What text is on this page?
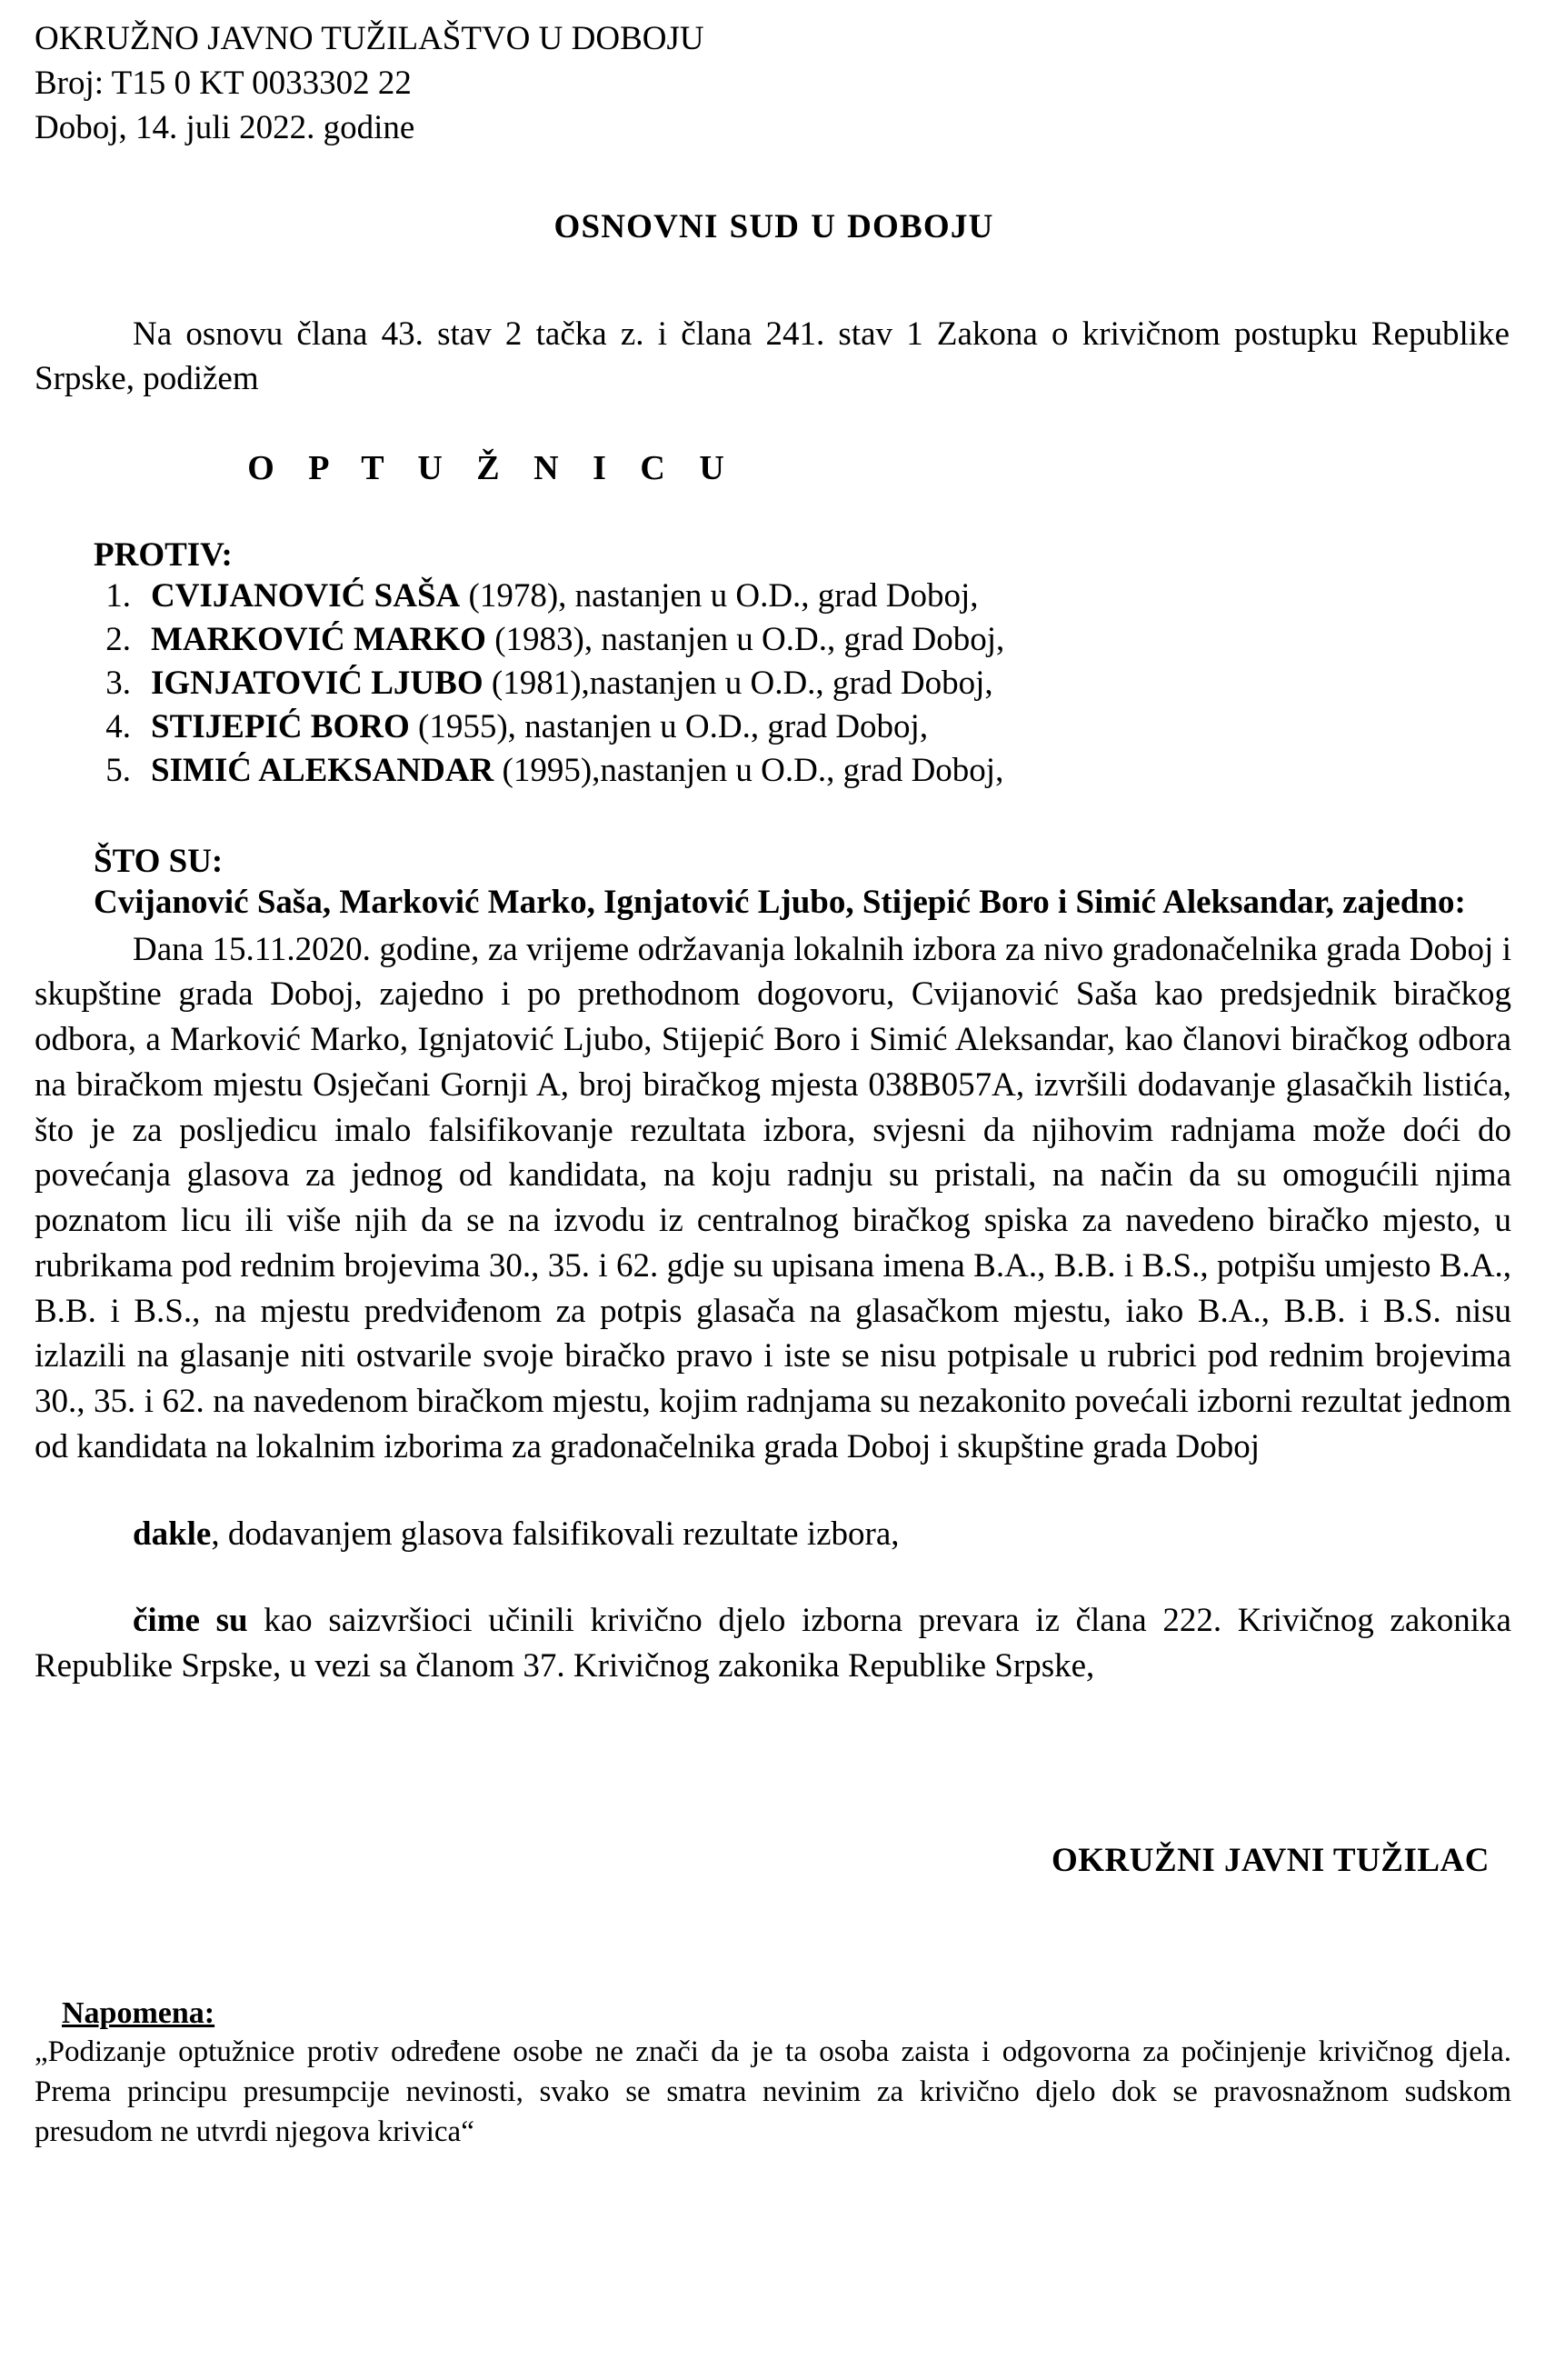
OKRUŽNO JAVNO TUŽILAŠTVO U DOBOJU
Broj: T15 0 KT 0033302 22
Doboj, 14. juli 2022. godine
OSNOVNI SUD U DOBOJU
Na osnovu člana 43. stav 2 tačka z. i člana 241. stav 1 Zakona o krivičnom postupku Republike Srpske, podižem
O P T U Ž N I C U
PROTIV:
1. CVIJANOVIĆ SAŠA (1978), nastanjen u O.D., grad Doboj,
2. MARKOVIĆ MARKO (1983), nastanjen u O.D., grad Doboj,
3. IGNJATOVIĆ LJUBO (1981),nastanjen u O.D., grad Doboj,
4. STIJEPIĆ BORO (1955), nastanjen u O.D., grad Doboj,
5. SIMIĆ ALEKSANDAR (1995),nastanjen u O.D., grad Doboj,
ŠTO SU:
Cvijanović Saša, Marković Marko, Ignjatović Ljubo, Stijepić Boro i Simić Aleksandar, zajedno:
Dana 15.11.2020. godine, za vrijeme održavanja lokalnih izbora za nivo gradonačelnika grada Doboj i skupštine grada Doboj, zajedno i po prethodnom dogovoru, Cvijanović Saša kao predsjednik biračkog odbora, a Marković Marko, Ignjatović Ljubo, Stijepić Boro i Simić Aleksandar, kao članovi biračkog odbora na biračkom mjestu Osječani Gornji A, broj biračkog mjesta 038B057A, izvršili dodavanje glasačkih listića, što je za posljedicu imalo falsifikovanje rezultata izbora, svjesni da njihovim radnjama može doći do povećanja glasova za jednog od kandidata, na koju radnju su pristali, na način da su omogućili njima poznatom licu ili više njih da se na izvodu iz centralnog biračkog spiska za navedeno biračko mjesto, u rubrikama pod rednim brojevima 30., 35. i 62. gdje su upisana imena B.A., B.B. i B.S., potpišu umjesto B.A., B.B. i B.S., na mjestu predviđenom za potpis glasača na glasačkom mjestu, iako B.A., B.B. i B.S. nisu izlazili na glasanje niti ostvarile svoje biračko pravo i iste se nisu potpisale u rubrici pod rednim brojevima 30., 35. i 62. na navedenom biračkom mjestu, kojim radnjama su nezakonito povećali izborni rezultat jednom od kandidata na lokalnim izborima za gradonačelnika grada Doboj i skupštine grada Doboj
dakle, dodavanjem glasova falsifikovali rezultate izbora,
čime su kao saizvršioci učinili krivično djelo izborna prevara iz člana 222. Krivičnog zakonika Republike Srpske, u vezi sa članom 37. Krivičnog zakonika Republike Srpske,
OKRUŽNI JAVNI TUŽILAC
Napomena:
„Podizanje optužnice protiv određene osobe ne znači da je ta osoba zaista i odgovorna za počinjenje krivičnog djela. Prema principu presumpcije nevinosti, svako se smatra nevinim za krivično djelo dok se pravosnažnom sudskom presudom ne utvrdi njegova krivica“
